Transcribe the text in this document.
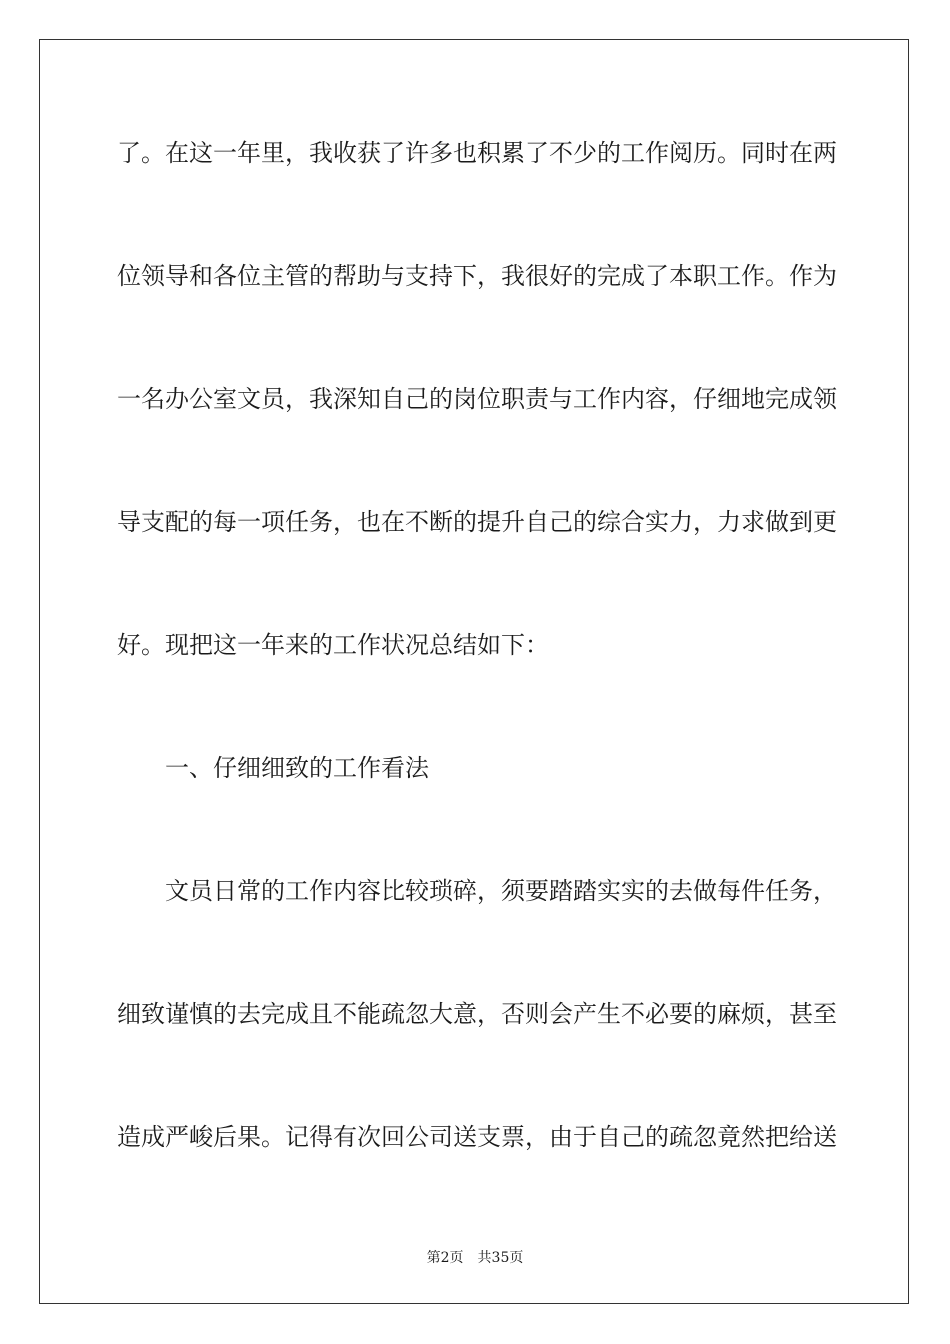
了。在这一年里，我收获了许多也积累了不少的工作阅历。同时在两
位领导和各位主管的帮助与支持下，我很好的完成了本职工作。作为
一名办公室文员，我深知自己的岗位职责与工作内容，仔细地完成领
导支配的每一项任务，也在不断的提升自己的综合实力，力求做到更
好。现把这一年来的工作状况总结如下：
一、仔细细致的工作看法
文员日常的工作内容比较琐碎，须要踏踏实实的去做每件任务，
细致谨慎的去完成且不能疏忽大意，否则会产生不必要的麻烦，甚至
造成严峻后果。记得有次回公司送支票，由于自己的疏忽竟然把给送
第2页 共35页
